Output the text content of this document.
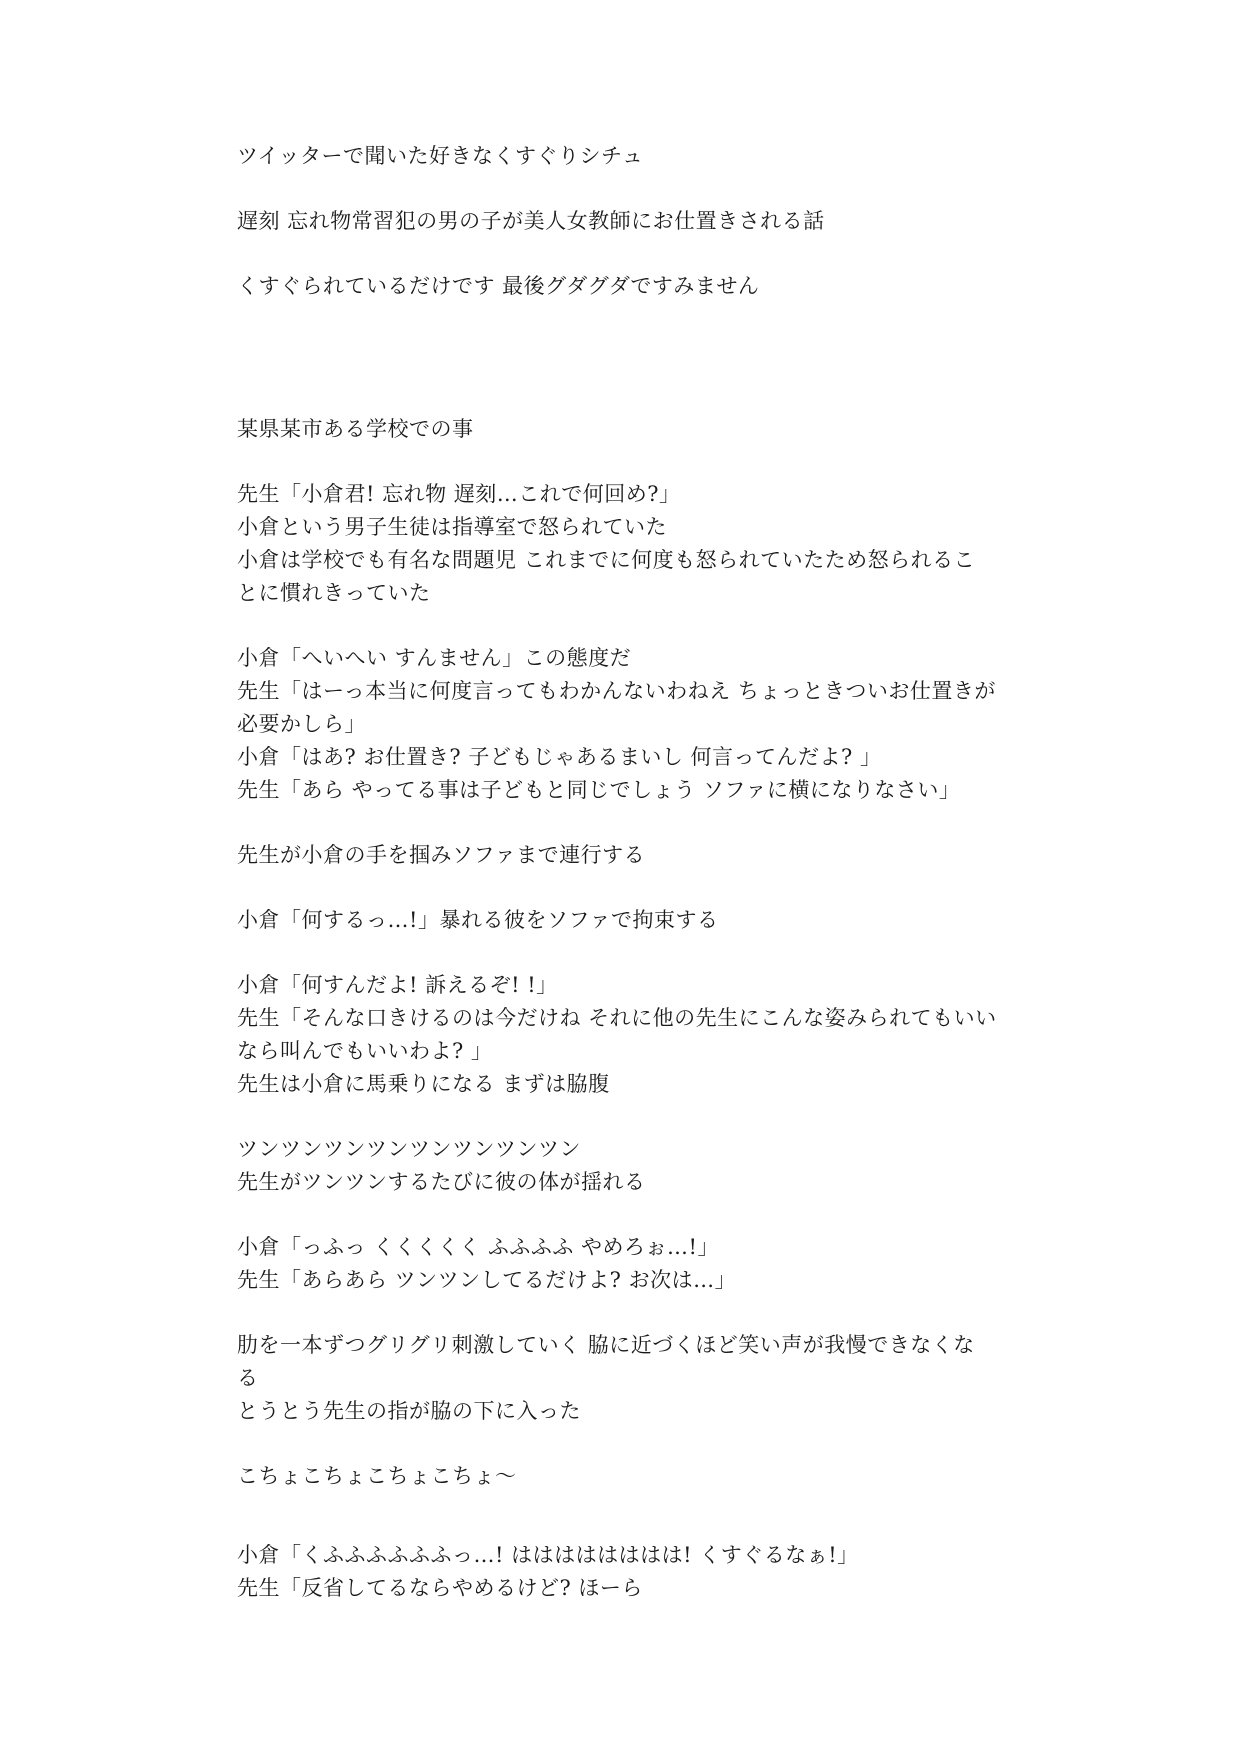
ツイッターで聞いた好きなくすぐりシチュ
遅刻 忘れ物常習犯の男の子が美人女教師にお仕置きされる話
くすぐられているだけです 最後グダグダですみません
某県某市ある学校での事
先生「小倉君! 忘れ物 遅刻…これで何回め?」
小倉という男子生徒は指導室で怒られていた
小倉は学校でも有名な問題児 これまでに何度も怒られていたため怒られるこ
とに慣れきっていた
小倉「へいへい すんません」この態度だ
先生「はーっ本当に何度言ってもわかんないわねえ ちょっときついお仕置きが
必要かしら」
小倉「はあ? お仕置き? 子どもじゃあるまいし 何言ってんだよ? 」
先生「あら やってる事は子どもと同じでしょう ソファに横になりなさい」
先生が小倉の手を掴みソファまで連行する
小倉「何するっ…!」暴れる彼をソファで拘束する
小倉「何すんだよ! 訴えるぞ! !」
先生「そんな口きけるのは今だけね それに他の先生にこんな姿みられてもいい
なら叫んでもいいわよ? 」
先生は小倉に馬乗りになる まずは脇腹
ツンツンツンツンツンツンツンツン
先生がツンツンするたびに彼の体が揺れる
小倉「っふっ くくくくく ふふふふ やめろぉ…!」
先生「あらあら ツンツンしてるだけよ? お次は…」
肋を一本ずつグリグリ刺激していく 脇に近づくほど笑い声が我慢できなくな
る
とうとう先生の指が脇の下に入った
こちょこちょこちょこちょ〜
小倉「くふふふふふふっ…! はははははははは! くすぐるなぁ!」
先生「反省してるならやめるけど? ほーら
